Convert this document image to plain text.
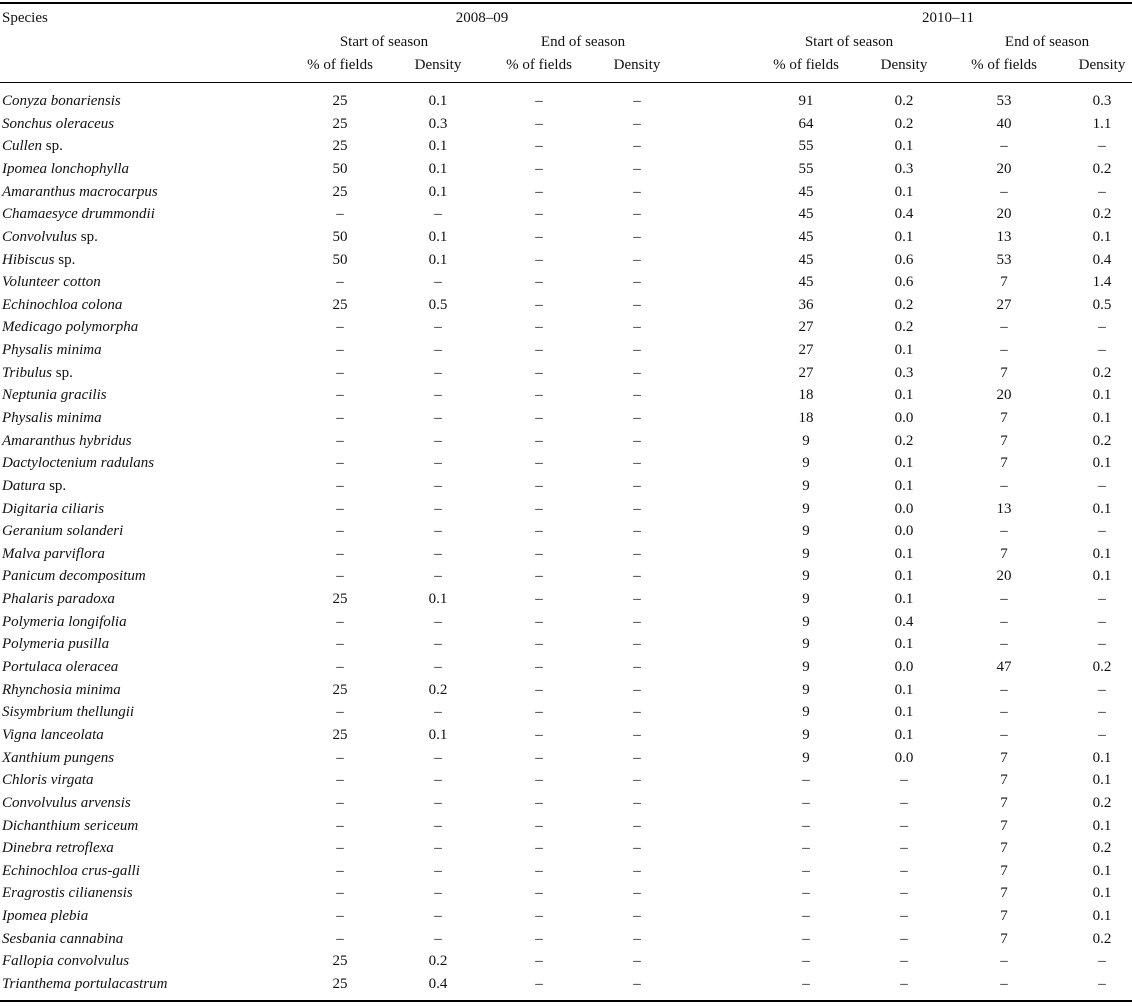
Species	2008–09	2010–11
Start of season	End of season	Start of season	End of season
% of fields	Density	% of fields	Density	% of fields	Density	% of fields	Density
Conyza bonariensis	25	0.1	–	–	91	0.2	53	0.3
Sonchus oleraceus	25	0.3	–	–	64	0.2	40	1.1
Cullen sp.	25	0.1	–	–	55	0.1	–	–
Ipomea lonchophylla	50	0.1	–	–	55	0.3	20	0.2
Amaranthus macrocarpus	25	0.1	–	–	45	0.1	–	–
Chamaesyce drummondii	–	–	–	–	45	0.4	20	0.2
Convolvulus sp.	50	0.1	–	–	45	0.1	13	0.1
Hibiscus sp.	50	0.1	–	–	45	0.6	53	0.4
Volunteer cotton	–	–	–	–	45	0.6	7	1.4
Echinochloa colona	25	0.5	–	–	36	0.2	27	0.5
Medicago polymorpha	–	–	–	–	27	0.2	–	–
Physalis minima	–	–	–	–	27	0.1	–	–
Tribulus sp.	–	–	–	–	27	0.3	7	0.2
Neptunia gracilis	–	–	–	–	18	0.1	20	0.1
Physalis minima	–	–	–	–	18	0.0	7	0.1
Amaranthus hybridus	–	–	–	–	9	0.2	7	0.2
Dactyloctenium radulans	–	–	–	–	9	0.1	7	0.1
Datura sp.	–	–	–	–	9	0.1	–	–
Digitaria ciliaris	–	–	–	–	9	0.0	13	0.1
Geranium solanderi	–	–	–	–	9	0.0	–	–
Malva parviflora	–	–	–	–	9	0.1	7	0.1
Panicum decompositum	–	–	–	–	9	0.1	20	0.1
Phalaris paradoxa	25	0.1	–	–	9	0.1	–	–
Polymeria longifolia	–	–	–	–	9	0.4	–	–
Polymeria pusilla	–	–	–	–	9	0.1	–	–
Portulaca oleracea	–	–	–	–	9	0.0	47	0.2
Rhynchosia minima	25	0.2	–	–	9	0.1	–	–
Sisymbrium thellungii	–	–	–	–	9	0.1	–	–
Vigna lanceolata	25	0.1	–	–	9	0.1	–	–
Xanthium pungens	–	–	–	–	9	0.0	7	0.1
Chloris virgata	–	–	–	–	–	–	7	0.1
Convolvulus arvensis	–	–	–	–	–	–	7	0.2
Dichanthium sericeum	–	–	–	–	–	–	7	0.1
Dinebra retroflexa	–	–	–	–	–	–	7	0.2
Echinochloa crus-galli	–	–	–	–	–	–	7	0.1
Eragrostis cilianensis	–	–	–	–	–	–	7	0.1
Ipomea plebia	–	–	–	–	–	–	7	0.1
Sesbania cannabina	–	–	–	–	–	–	7	0.2
Fallopia convolvulus	25	0.2	–	–	–	–	–	–
Trianthema portulacastrum	25	0.4	–	–	–	–	–	–
